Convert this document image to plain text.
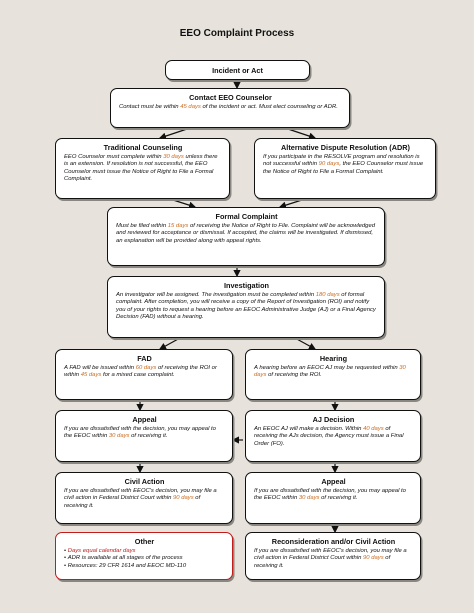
EEO Complaint Process
Incident or Act
Contact EEO Counselor

Contact must be within 45 days of the incident or act. Must elect counseling or ADR.

Traditional Counseling

EEO Counselor must complete within 30 days unless there is an extension. If resolution is not successful, the EEO Counselor must issue the Notice of Right to File a Formal Complaint.

Alternative Dispute Resolution (ADR)

If you participate in the RESOLVE program and resolution is not successful within 90 days, the EEO Counselor must issue the Notice of Right to File a Formal Complaint.

Formal Complaint

Must be filed within 15 days of receiving the Notice of Right to File. Complaint will be acknowledged and reviewed for acceptance or dismissal. If accepted, the claims will be investigated. If dismissed, an explanation will be provided along with appeal rights.

Investigation

An investigator will be assigned. The investigation must be completed within 180 days of formal complaint. After completion, you will receive a copy of the Report of Investigation (ROI) and notify you of your rights to request a hearing before an EEOC Administrative Judge (AJ) or a Final Agency Decision (FAD) without a hearing.

FAD

A FAD will be issued within 60 days of receiving the ROI or within 45 days for a mixed case complaint.

Hearing

A hearing before an EEOC AJ may be requested within 30 days of receiving the ROI.

Appeal

If you are dissatisfied with the decision, you may appeal to the EEOC within 30 days of receiving it.

AJ Decision

An EEOC AJ will make a decision. Within 40 days of receiving the AJs decision, the Agency must issue a Final Order (FO).

Civil Action

If you are dissatisfied with EEOC's decision, you may file a civil action in Federal District Court within 90 days of receiving it.

Appeal

If you are dissatisfied with the decision, you may appeal to the EEOC within 30 days of receiving it.

Other
• Days equal calendar days
• ADR is available at all stages of the process
• Resources: 29 CFR 1614 and EEOC MD-110
Reconsideration and/or Civil Action

If you are dissatisfied with EEOC's decision, you may file a civil action in Federal District Court within 90 days of receiving it.
